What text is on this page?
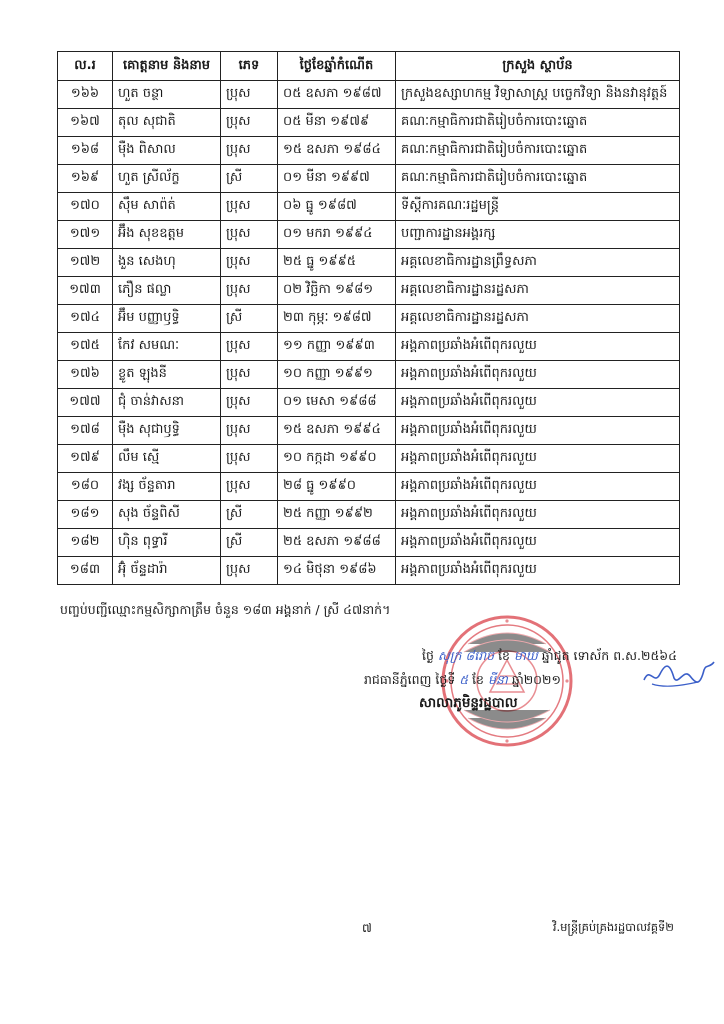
ល.រ	គោត្តនាម និងនាម	ភេទ	ថ្ងៃខែឆ្នាំកំណើត	ក្រសួង ស្ថាប័ន
១៦៦	ហួត ចន្ថា	ប្រុស	០៥ ឧសភា ១៩៨៧	ក្រសួងឧស្សាហកម្ម វិទ្យាសាស្ត្រ បច្ចេកវិទ្យា និងនវានុវត្តន៍
១៦៧	តុល សុជាតិ	ប្រុស	០៥ មីនា ១៩៧៩	គណៈកម្មាធិការជាតិរៀបចំការបោះឆ្នោត
១៦៨	ម៉ឺង ពិសាល	ប្រុស	១៥ ឧសភា ១៩៨៤	គណៈកម្មាធិការជាតិរៀបចំការបោះឆ្នោត
១៦៩	ហួត ស្រីល័ក្ខ	ស្រី	០១ មីនា ១៩៩៧	គណៈកម្មាធិការជាតិរៀបចំការបោះឆ្នោត
១៧០	ស៊ឹម សាព៉ត់	ប្រុស	០៦ ធ្នូ ១៩៨៧	ទីស្តីការគណៈរដ្ឋមន្ត្រី
១៧១	អ៊ឹង សុខឧត្តម	ប្រុស	០១ មករា ១៩៩៤	បញ្ជាការដ្ឋានអង្គរក្ស
១៧២	ងួន សេងហុ	ប្រុស	២៥ ធ្នូ ១៩៩៥	អគ្គលេខាធិការដ្ឋានព្រឹទ្ធសភា
១៧៣	ភឿន ផល្លា	ប្រុស	០២ វិច្ឆិកា ១៩៨១	អគ្គលេខាធិការដ្ឋានរដ្ឋសភា
១៧៤	អ៊ឹម បញ្ញាឫទ្ធិ	ស្រី	២៣ កុម្ភៈ ១៩៨៧	អគ្គលេខាធិការដ្ឋានរដ្ឋសភា
១៧៥	កែវ សមណៈ	ប្រុស	១១ កញ្ញា ១៩៩៣	អង្គភាពប្រឆាំងអំពើពុករលួយ
១៧៦	ខ្លូត ឡុងនី	ប្រុស	១០ កញ្ញា ១៩៩១	អង្គភាពប្រឆាំងអំពើពុករលួយ
១៧៧	ជុំ ចាន់វាសនា	ប្រុស	០១ មេសា ១៩៨៨	អង្គភាពប្រឆាំងអំពើពុករលួយ
១៧៨	ម៉ឺង សុជាឫទ្ធិ	ប្រុស	១៥ ឧសភា ១៩៩៤	អង្គភាពប្រឆាំងអំពើពុករលួយ
១៧៩	លឹម ស្មើ	ប្រុស	១០ កក្កដា ១៩៩០	អង្គភាពប្រឆាំងអំពើពុករលួយ
១៨០	វង្ស ច័ន្ទតារា	ប្រុស	២៨ ធ្នូ ១៩៩០	អង្គភាពប្រឆាំងអំពើពុករលួយ
១៨១	សុង ច័ន្ទពិសី	ស្រី	២៥ កញ្ញា ១៩៩២	អង្គភាពប្រឆាំងអំពើពុករលួយ
១៨២	ហ៊ិន ពុទ្ធារី	ស្រី	២៥ ឧសភា ១៩៨៨	អង្គភាពប្រឆាំងអំពើពុករលួយ
១៨៣	អ៊ុំ ច័ន្ទដារ៉ា	ប្រុស	១៤ មិថុនា ១៩៨៦	អង្គភាពប្រឆាំងអំពើពុករលួយ
បញ្ចប់បញ្ជីឈ្មោះកម្មសិក្សាកាត្រឹម ចំនួន ១៨៣ អង្គនាក់ / ស្រី ៤៧នាក់។
ថ្ងៃ សុក្រ ៨រោច ខែ មាឃ ឆ្នាំជូត ទោស័ក ព.ស.២៥៦៤
រាជធានីភ្នំពេញ ថ្ងៃទី ៥ ខែ មីនា ឆ្នាំ២០២១
សាលាភូមិន្ទរដ្ឋបាល
៧	វិ.មន្ត្រីគ្រប់គ្រងរដ្ឋបាលវគ្គទី២
